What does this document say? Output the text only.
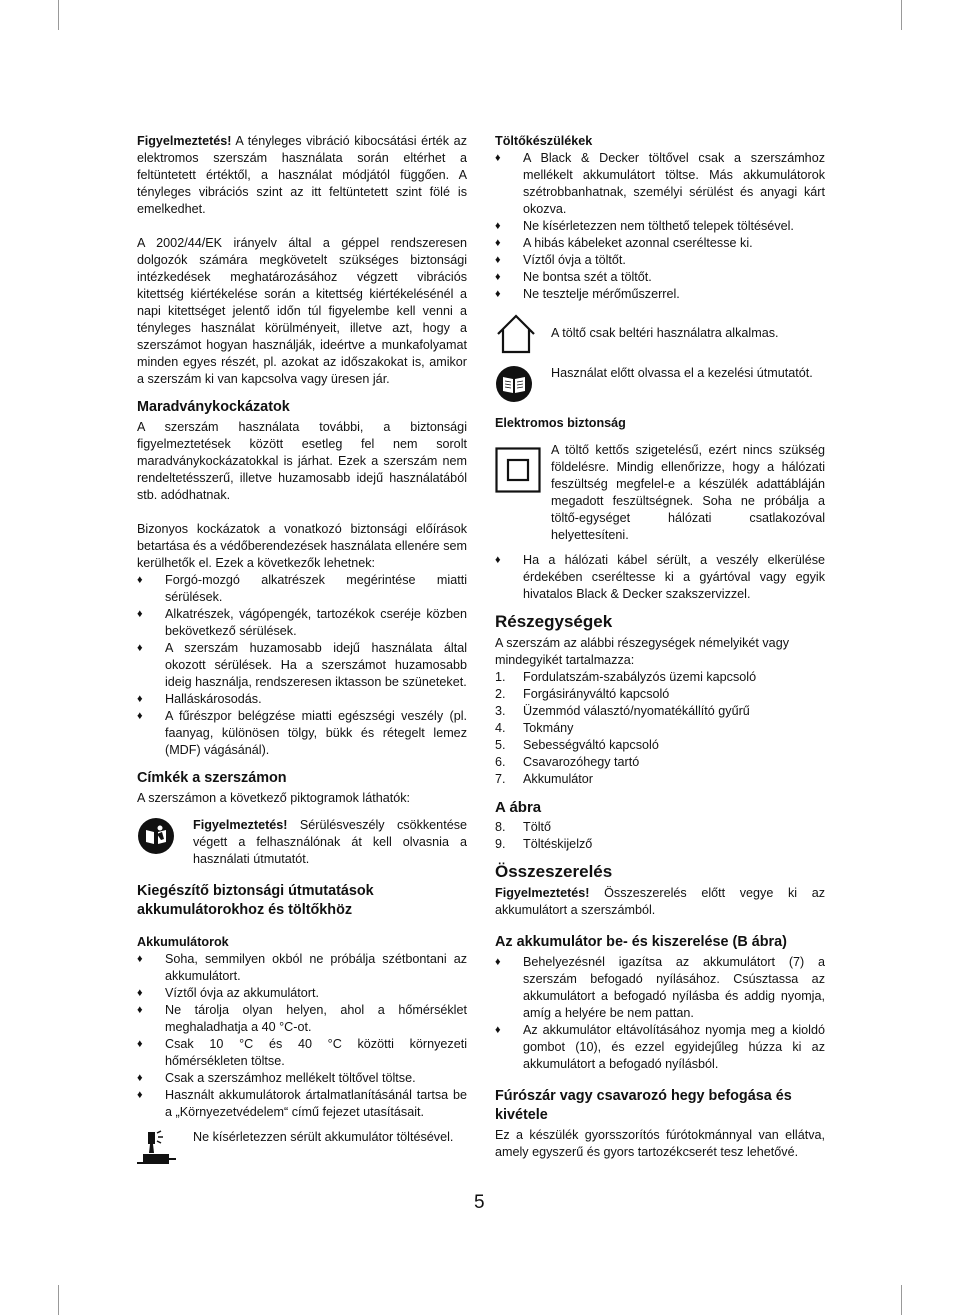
Figyelmeztetés! A tényleges vibráció kibocsátási érték az elektromos szerszám használata során eltérhet a feltüntetett értéktől, a használat módjától függően. A tényleges vibrációs szint az itt feltüntetett szint fölé is emelkedhet.

A 2002/44/EK irányelv által a géppel rendszeresen dolgozók számára megkövetelt szükséges biztonsági intézkedések meghatározásához végzett vibrációs kitettség kiértékelése során a kitettség kiértékelésénél a napi kitettséget jelentő időn túl figyelembe kell venni a tényleges használat körülményeit, illetve azt, hogy a szerszámot hogyan használják, ideértve a munkafolyamat minden egyes részét, pl. azokat az időszakokat is, amikor a szerszám ki van kapcsolva vagy üresen jár.

Maradványkockázatok

A szerszám használata további, a biztonsági figyelmeztetések között esetleg fel nem sorolt maradványkockázatokkal is járhat. Ezek a szerszám nem rendeltetésszerű, illetve huzamosabb idejű használatából stb. adódhatnak.

Bizonyos kockázatok a vonatkozó biztonsági előírások betartása és a védőberendezések használata ellenére sem kerülhetők el. Ezek a következők lehetnek:

♦ Forgó-mozgó alkatrészek megérintése miatti sérülések.
♦ Alkatrészek, vágópengék, tartozékok cseréje közben bekövetkező sérülések.
♦ A szerszám huzamosabb idejű használata által okozott sérülések. Ha a szerszámot huzamosabb ideig használja, rendszeresen iktasson be szüneteket.
♦ Halláskárosodás.
♦ A fűrészpor belégzése miatti egészségi veszély (pl. faanyag, különösen tölgy, bükk és rétegelt lemez (MDF) vágásánál).
Címkék a szerszámon

A szerszámon a következő piktogramok láthatók:

Figyelmeztetés! Sérülésveszély csökkentése végett a felhasználónak át kell olvasnia a használati útmutatót.

Kiegészítő biztonsági útmutatások akkumulátorokhoz és töltőkhöz
Akkumulátorok
♦ Soha, semmilyen okból ne próbálja szétbontani az akkumulátort.
♦ Víztől óvja az akkumulátort.
♦ Ne tárolja olyan helyen, ahol a hőmérséklet meghaladhatja a 40 °C-ot.
♦ Csak 10 °C és 40 °C közötti környezeti hőmérsékleten töltse.
♦ Csak a szerszámhoz mellékelt töltővel töltse.
♦ Használt akkumulátorok ártalmatlanításánál tartsa be a „Környezetvédelem“ című fejezet utasításait.

Ne kísérletezzen sérült akkumulátor töltésével.

Töltőkészülékek
♦ A Black & Decker töltővel csak a szerszámhoz mellékelt akkumulátort töltse. Más akkumulátorok szétrobbanhatnak, személyi sérülést és anyagi kárt okozva.
♦ Ne kísérletezzen nem tölthető telepek töltésével.
♦ A hibás kábeleket azonnal cseréltesse ki.
♦ Víztől óvja a töltőt.
♦ Ne bontsa szét a töltőt.
♦ Ne tesztelje mérőműszerrel.

A töltő csak beltéri használatra alkalmas.

Használat előtt olvassa el a kezelési útmutatót.

Elektromos biztonság

A töltő kettős szigetelésű, ezért nincs szükség földelésre. Mindig ellenőrizze, hogy a hálózati feszültség megfelel-e a készülék adattábláján megadott feszültségnek. Soha ne próbálja a töltő-egységet hálózati csatlakozóval helyettesíteni.

♦ Ha a hálózati kábel sérült, a veszély elkerülése érdekében cseréltesse ki a gyártóval vagy egyik hivatalos Black & Decker szakszervizzel.
Részegységek

A szerszám az alábbi részegységek némelyikét vagy mindegyikét tartalmazza:

1. Fordulatszám-szabályzós üzemi kapcsoló
2. Forgásirányváltó kapcsoló
3. Üzemmód választó/nyomatékállító gyűrű
4. Tokmány
5. Sebességváltó kapcsoló
6. Csavarozóhegy tartó
7. Akkumulátor
A ábra
8. Töltő
9. Töltéskijelző
Összeszerelés

Figyelmeztetés! Összeszerelés előtt vegye ki az akkumulátort a szerszámból.

Az akkumulátor be- és kiszerelése (B ábra)
♦ Behelyezésnél igazítsa az akkumulátort (7) a szerszám befogadó nyílásához. Csúsztassa az akkumulátort a befogadó nyílásba és addig nyomja, amíg a helyére be nem pattan.
♦ Az akkumulátor eltávolításához nyomja meg a kioldó gombot (10), és ezzel egyidejűleg húzza ki az akkumulátort a befogadó nyílásból.
Fúrószár vagy csavarozó hegy befogása és kivétele

Ez a készülék gyorsszorítós fúrótokmánnyal van ellátva, amely egyszerű és gyors tartozékcserét tesz lehetővé.

5
